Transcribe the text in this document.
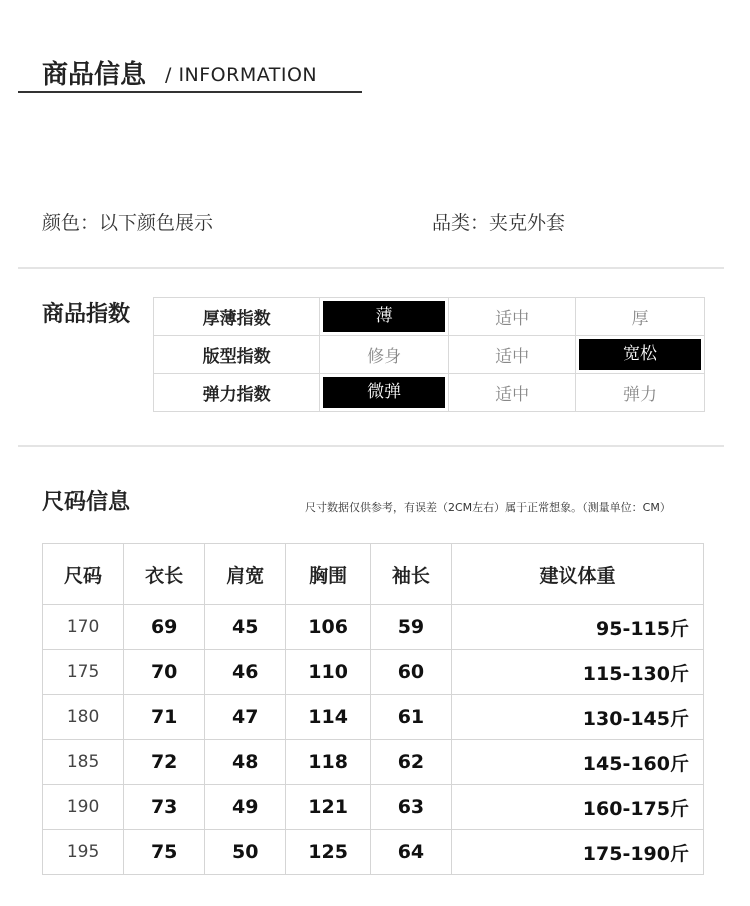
商品信息 / INFORMATION
颜色：以下颜色展示	品类：夹克外套
商品指数	厚薄指数	薄	适中	厚
版型指数	修身	适中	宽松
弹力指数	微弹	适中	弹力
尺码信息	尺寸数据仅供参考，有误差（2CM左右）属于正常想象。（测量单位：CM）
尺码	衣长	肩宽	胸围	袖长	建议体重
170	69	45	106	59	95-115斤
175	70	46	110	60	115-130斤
180	71	47	114	61	130-145斤
185	72	48	118	62	145-160斤
190	73	49	121	63	160-175斤
195	75	50	125	64	175-190斤
